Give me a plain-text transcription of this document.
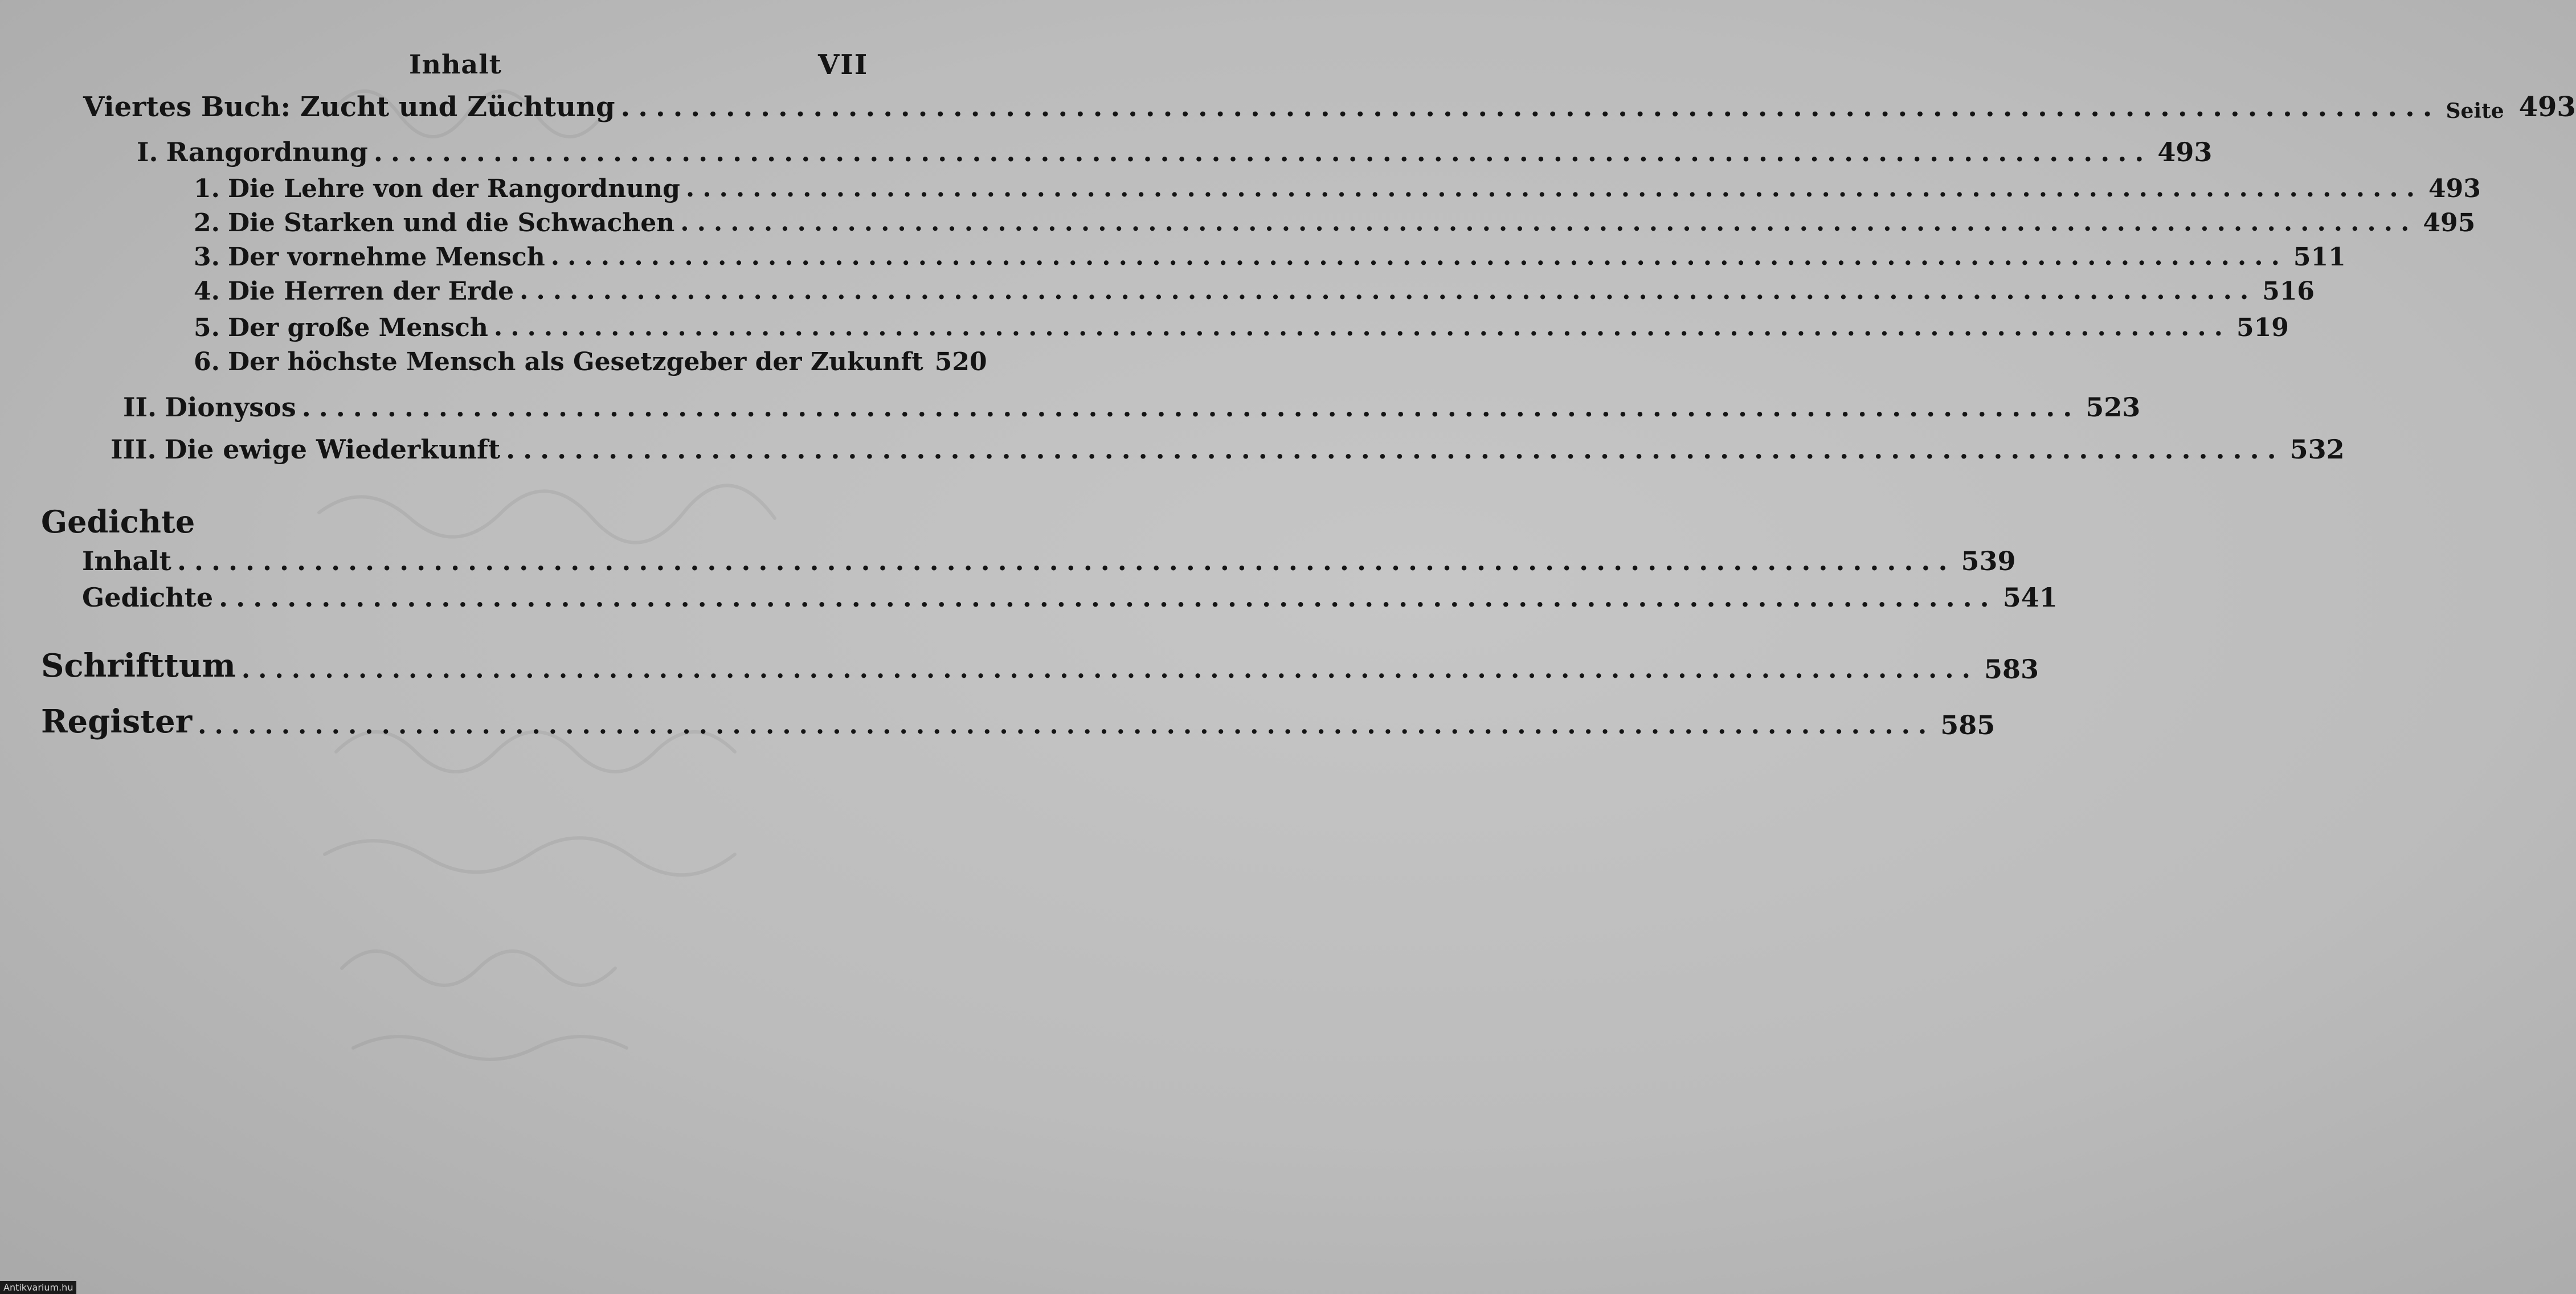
Inhalt	VII
Viertes Buch: Zucht und Züchtung ........................................................................................................ Seite 493
I. Rangordnung ........................................................................................................ 493
1. Die Lehre von der Rangordnung ........................................................................................................ 493
2. Die Starken und die Schwachen ........................................................................................................ 495
3. Der vornehme Mensch ........................................................................................................ 511
4. Die Herren der Erde ........................................................................................................ 516
5. Der große Mensch ........................................................................................................ 519
6. Der höchste Mensch als Gesetzgeber der Zukunft 520
II. Dionysos ........................................................................................................ 523
III. Die ewige Wiederkunft ........................................................................................................ 532
Gedichte
Inhalt ........................................................................................................ 539
Gedichte ........................................................................................................ 541
Schrifttum ........................................................................................................ 583
Register ........................................................................................................ 585
Antikvarium.hu
